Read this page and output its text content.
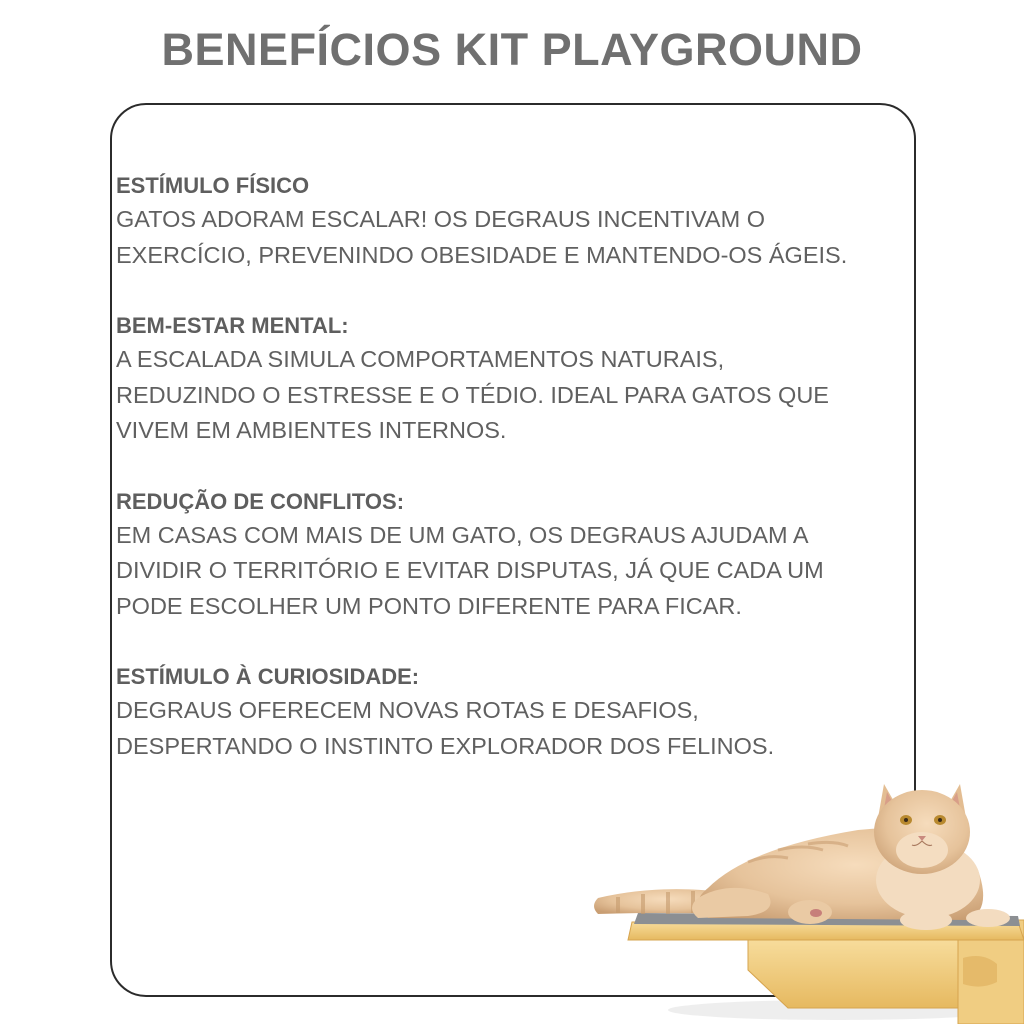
BENEFÍCIOS KIT PLAYGROUND
ESTÍMULO FÍSICO
GATOS ADORAM ESCALAR! OS DEGRAUS INCENTIVAM O
EXERCÍCIO, PREVENINDO OBESIDADE E MANTENDO-OS ÁGEIS.
BEM-ESTAR MENTAL:
A ESCALADA SIMULA COMPORTAMENTOS NATURAIS,
REDUZINDO O ESTRESSE E O TÉDIO. IDEAL PARA GATOS QUE
VIVEM EM AMBIENTES INTERNOS.
REDUÇÃO DE CONFLITOS:
EM CASAS COM MAIS DE UM GATO, OS DEGRAUS AJUDAM A
DIVIDIR O TERRITÓRIO E EVITAR DISPUTAS, JÁ QUE CADA UM
PODE ESCOLHER UM PONTO DIFERENTE PARA FICAR.
ESTÍMULO À CURIOSIDADE:
DEGRAUS OFERECEM NOVAS ROTAS E DESAFIOS,
DESPERTANDO O INSTINTO EXPLORADOR DOS FELINOS.
